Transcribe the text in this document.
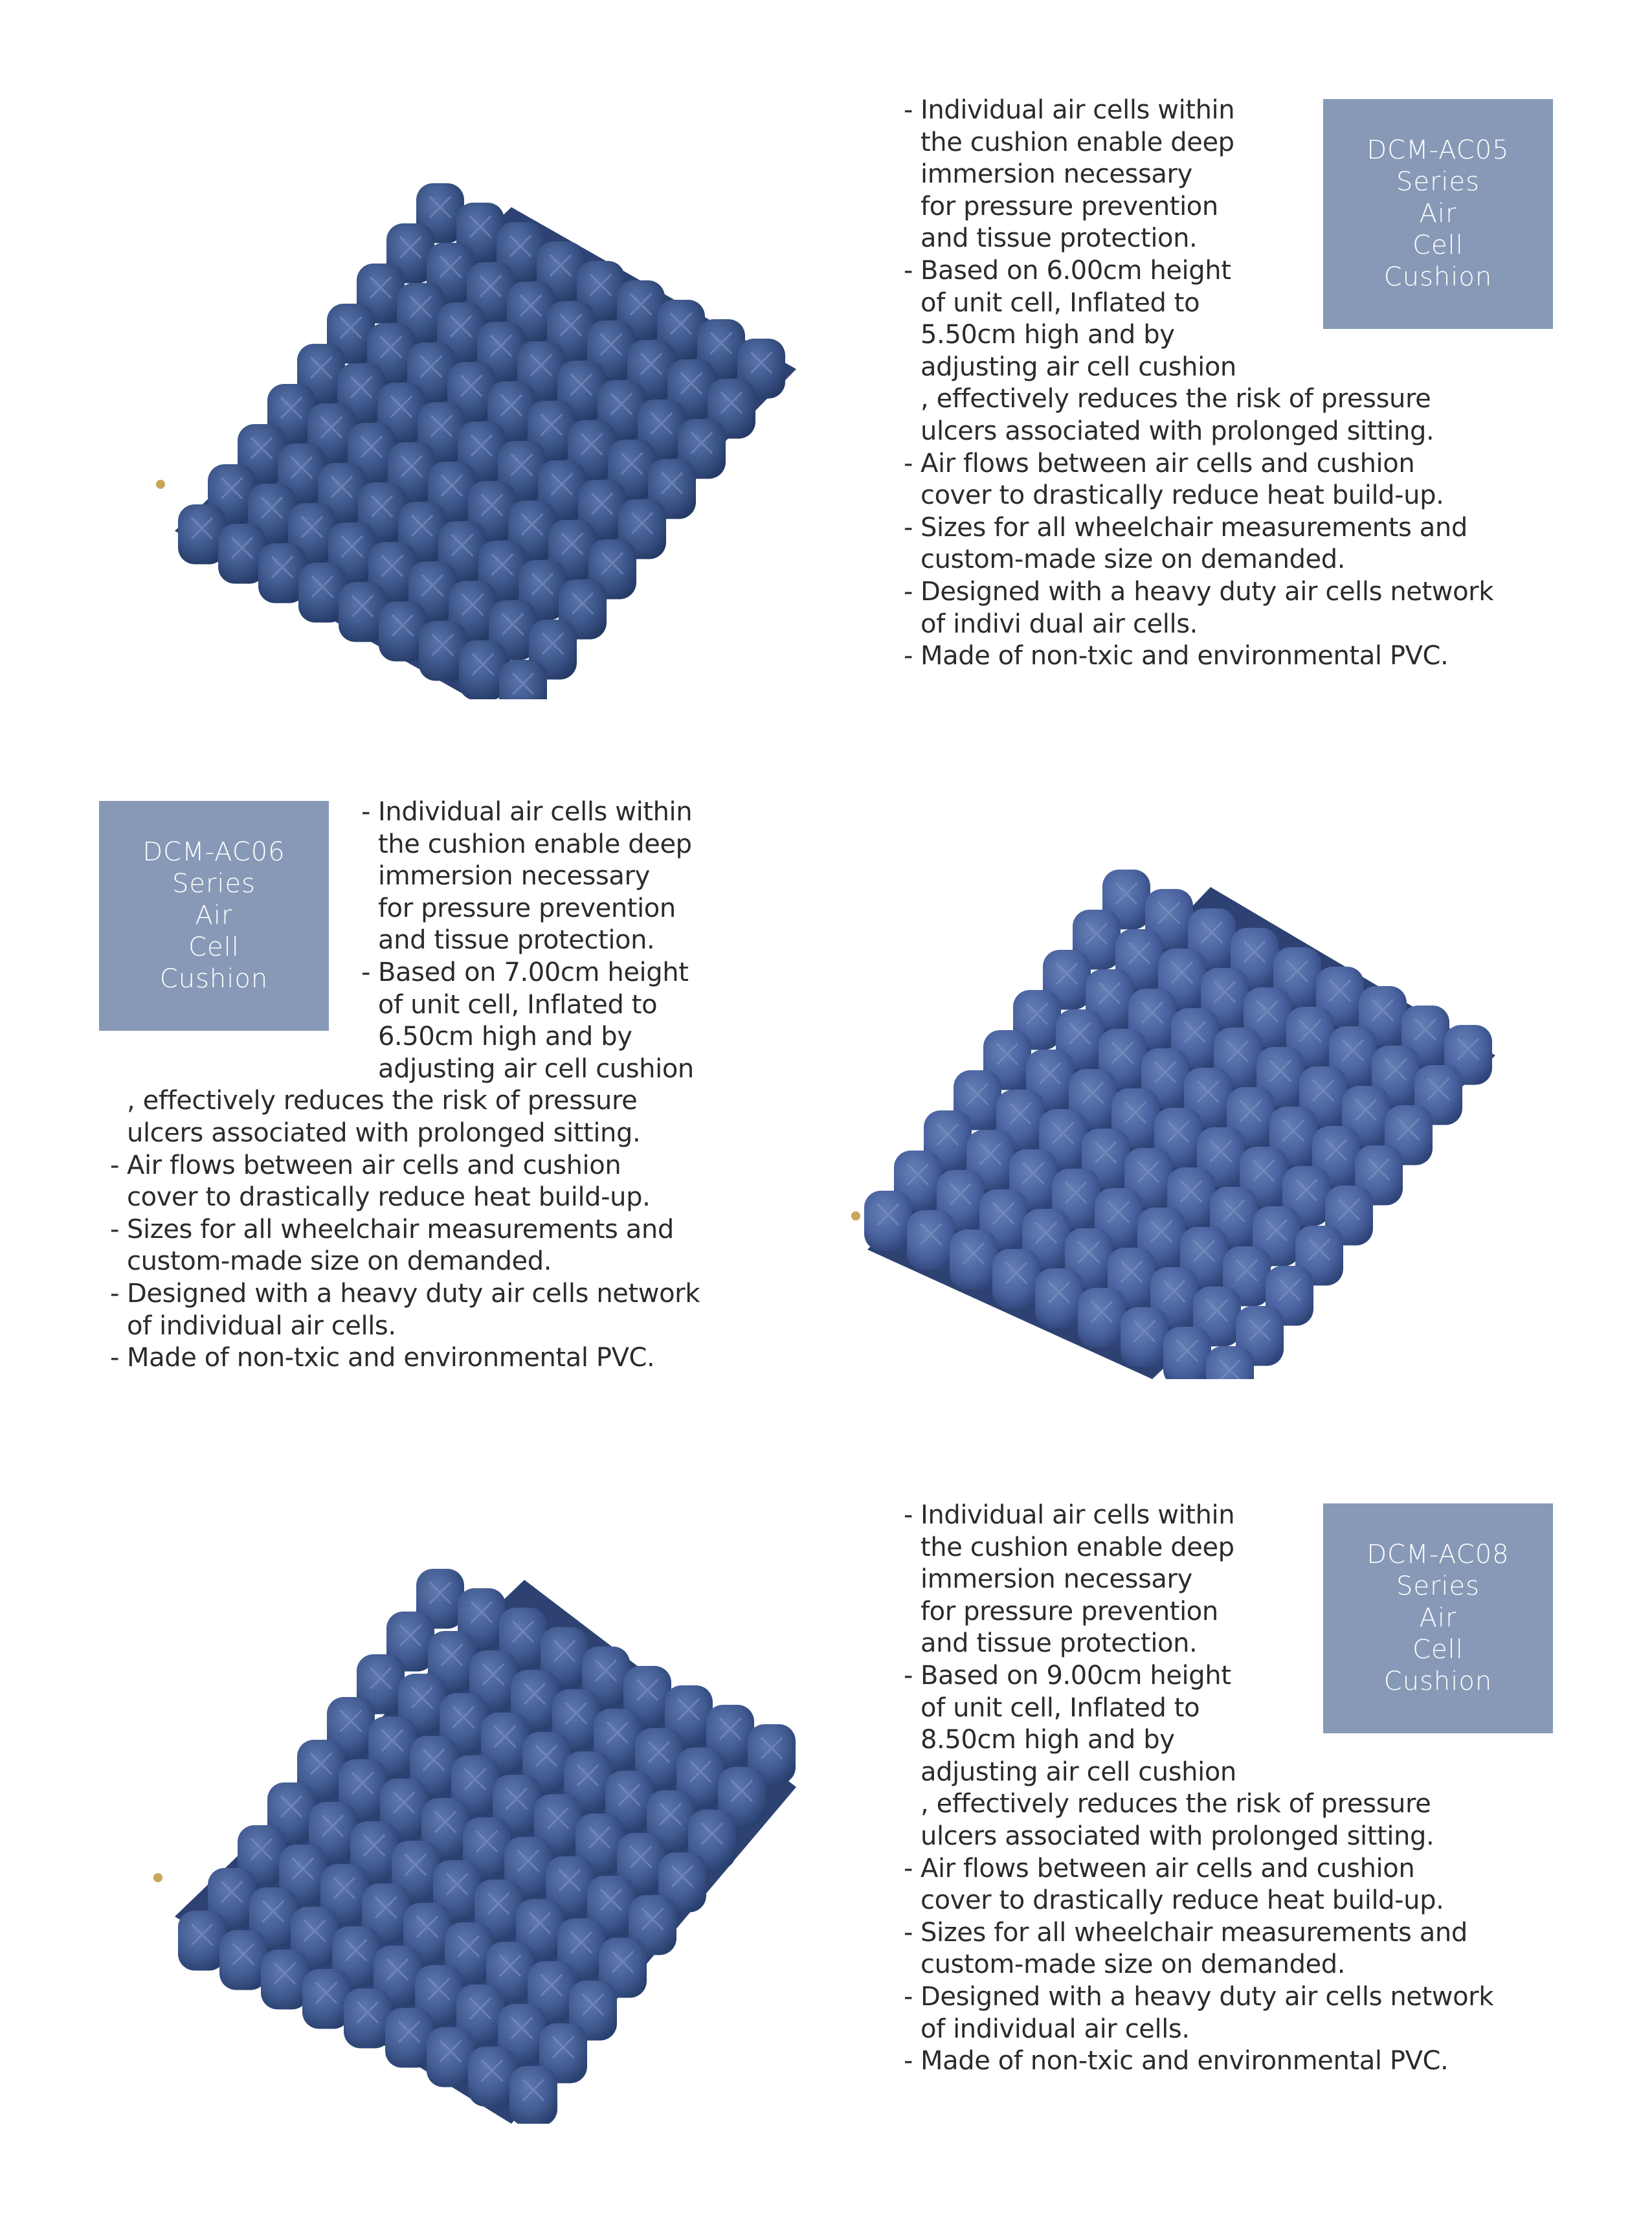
- Individual air cells within
the cushion enable deep
immersion necessary
for pressure prevention
and tissue protection.
- Based on 6.00cm height
of unit cell, Inflated to
5.50cm high and by
adjusting air cell cushion
, effectively reduces the risk of pressure
ulcers associated with prolonged sitting.
- Air flows between air cells and cushion
cover to drastically reduce heat build-up.
- Sizes for all wheelchair measurements and
custom-made size on demanded.
- Designed with a heavy duty air cells network
of indivi dual air cells.
- Made of non-txic and environmental PVC.
DCM-AC05
Series
Air
Cell
Cushion
DCM-AC06
Series
Air
Cell
Cushion
- Individual air cells within
the cushion enable deep
immersion necessary
for pressure prevention
and tissue protection.
- Based on 7.00cm height
of unit cell, Inflated to
6.50cm high and by
adjusting air cell cushion
, effectively reduces the risk of pressure
ulcers associated with prolonged sitting.
- Air flows between air cells and cushion
cover to drastically reduce heat build-up.
- Sizes for all wheelchair measurements and
custom-made size on demanded.
- Designed with a heavy duty air cells network
of individual air cells.
- Made of non-txic and environmental PVC.
- Individual air cells within
the cushion enable deep
immersion necessary
for pressure prevention
and tissue protection.
- Based on 9.00cm height
of unit cell, Inflated to
8.50cm high and by
adjusting air cell cushion
, effectively reduces the risk of pressure
ulcers associated with prolonged sitting.
- Air flows between air cells and cushion
cover to drastically reduce heat build-up.
- Sizes for all wheelchair measurements and
custom-made size on demanded.
- Designed with a heavy duty air cells network
of individual air cells.
- Made of non-txic and environmental PVC.
DCM-AC08
Series
Air
Cell
Cushion
